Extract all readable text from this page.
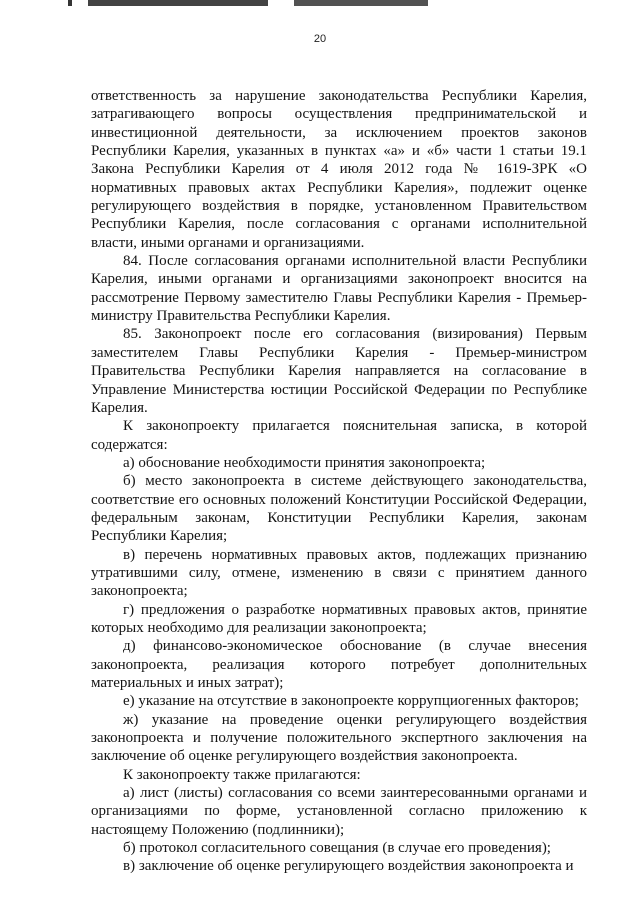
20

ответственность за нарушение законодательства Республики Карелия, затрагивающего вопросы осуществления предпринимательской и инвестиционной деятельности, за исключением проектов законов Республики Карелия, указанных в пунктах «а» и «б» части 1 статьи 19.1 Закона Республики Карелия от 4 июля 2012 года № 1619-ЗРК «О нормативных правовых актах Республики Карелия», подлежит оценке регулирующего воздействия в порядке, установленном Правительством Республики Карелия, после согласования с органами исполнительной власти, иными органами и организациями.

84. После согласования органами исполнительной власти Республики Карелия, иными органами и организациями законопроект вносится на рассмотрение Первому заместителю Главы Республики Карелия - Премьер-министру Правительства Республики Карелия.

85. Законопроект после его согласования (визирования) Первым заместителем Главы Республики Карелия - Премьер-министром Правительства Республики Карелия направляется на согласование в Управление Министерства юстиции Российской Федерации по Республике Карелия.

К законопроекту прилагается пояснительная записка, в которой содержатся:

а) обоснование необходимости принятия законопроекта;

б) место законопроекта в системе действующего законодательства, соответствие его основных положений Конституции Российской Федерации, федеральным законам, Конституции Республики Карелия, законам Республики Карелия;

в) перечень нормативных правовых актов, подлежащих признанию утратившими силу, отмене, изменению в связи с принятием данного законопроекта;

г) предложения о разработке нормативных правовых актов, принятие которых необходимо для реализации законопроекта;

д) финансово-экономическое обоснование (в случае внесения законопроекта, реализация которого потребует дополнительных материальных и иных затрат);

е) указание на отсутствие в законопроекте коррупциогенных факторов;

ж) указание на проведение оценки регулирующего воздействия законопроекта и получение положительного экспертного заключения на заключение об оценке регулирующего воздействия законопроекта.

К законопроекту также прилагаются:

а) лист (листы) согласования со всеми заинтересованными органами и организациями по форме, установленной согласно приложению к настоящему Положению (подлинники);

б) протокол согласительного совещания (в случае его проведения);

в) заключение об оценке регулирующего воздействия законопроекта и
